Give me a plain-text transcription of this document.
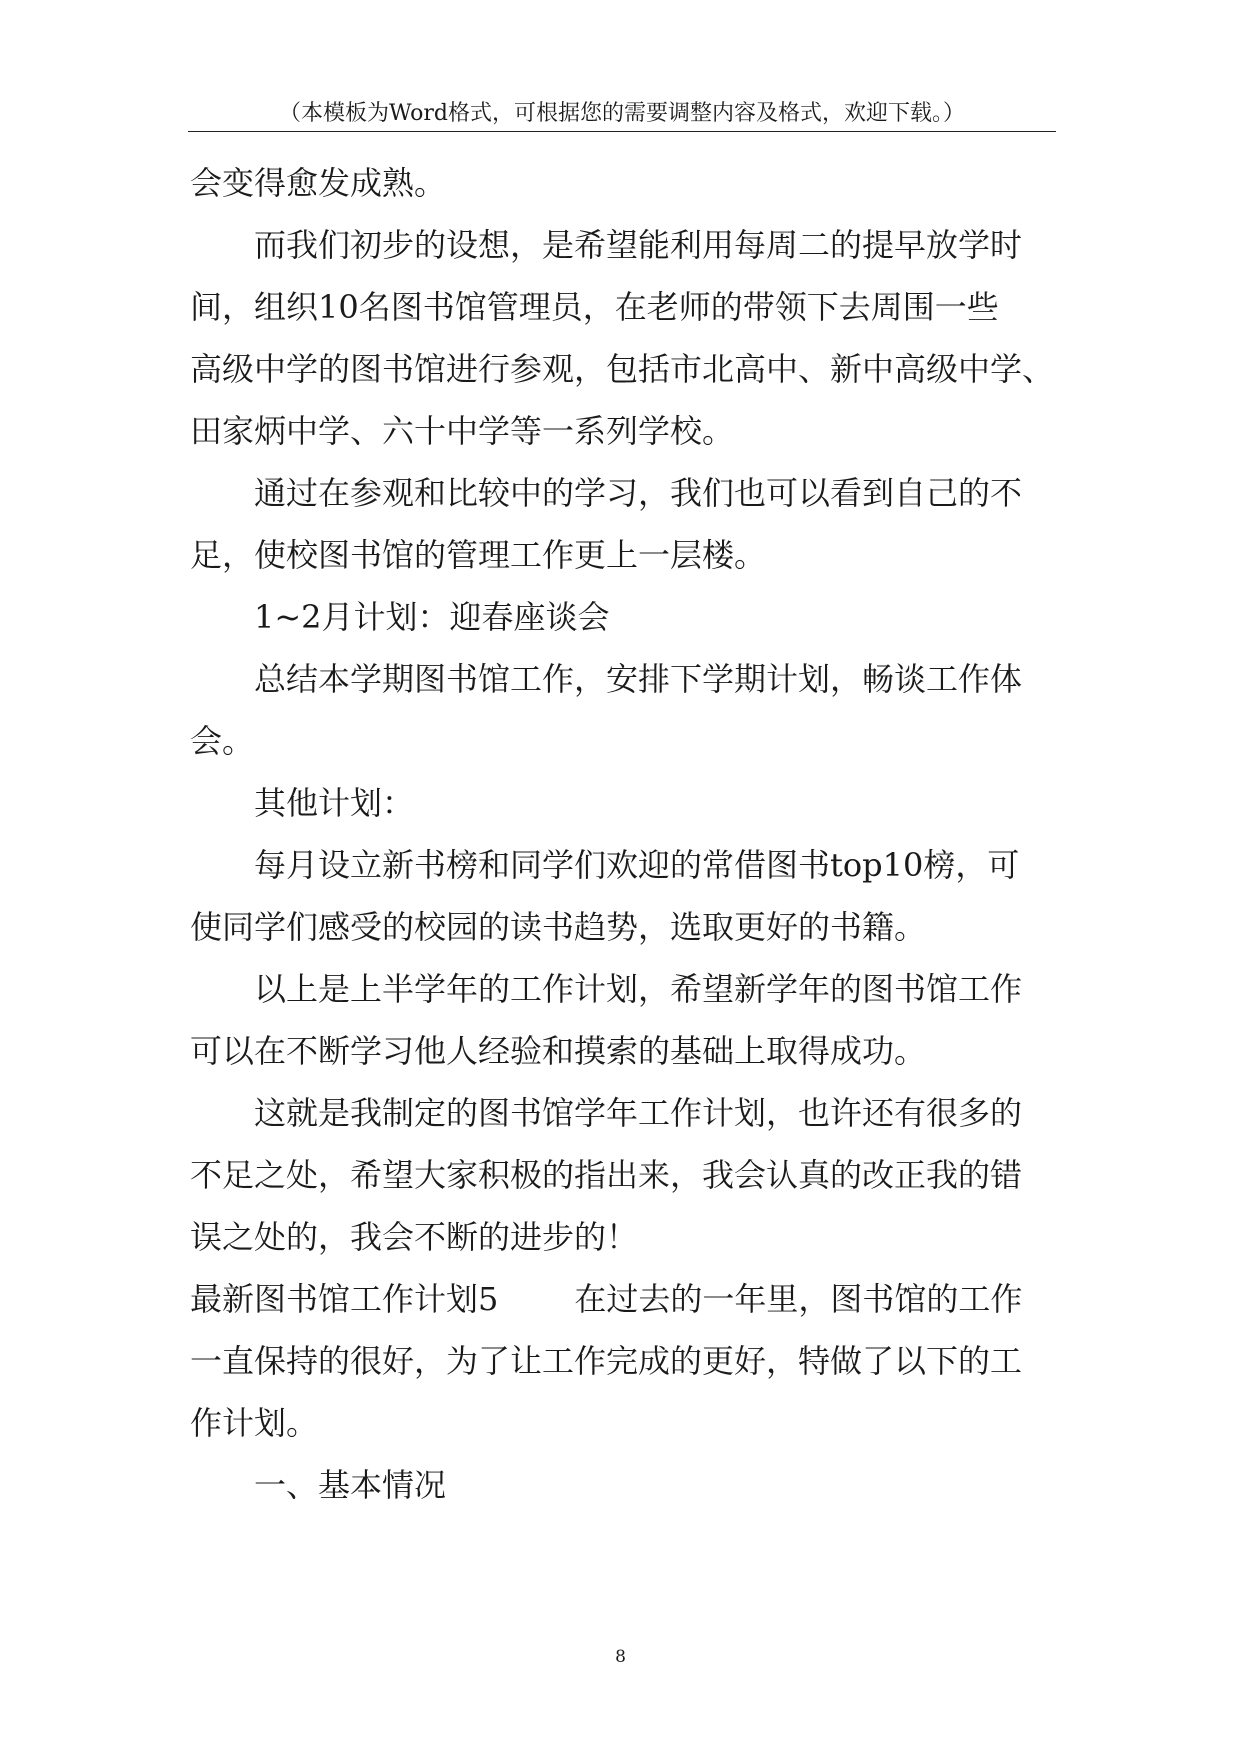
（本模板为Word格式，可根据您的需要调整内容及格式，欢迎下载。）
会变得愈发成熟。
而我们初步的设想，是希望能利用每周二的提早放学时
间，组织10名图书馆管理员，在老师的带领下去周围一些
高级中学的图书馆进行参观，包括市北高中、新中高级中学、
田家炳中学、六十中学等一系列学校。
通过在参观和比较中的学习，我们也可以看到自己的不
足，使校图书馆的管理工作更上一层楼。
1~2月计划：迎春座谈会
总结本学期图书馆工作，安排下学期计划，畅谈工作体
会。
其他计划：
每月设立新书榜和同学们欢迎的常借图书top10榜，可
使同学们感受的校园的读书趋势，选取更好的书籍。
以上是上半学年的工作计划，希望新学年的图书馆工作
可以在不断学习他人经验和摸索的基础上取得成功。
这就是我制定的图书馆学年工作计划，也许还有很多的
不足之处，希望大家积极的指出来，我会认真的改正我的错
误之处的，我会不断的进步的！
最新图书馆工作计划5 在过去的一年里，图书馆的工作
一直保持的很好，为了让工作完成的更好，特做了以下的工
作计划。
一、基本情况
8
